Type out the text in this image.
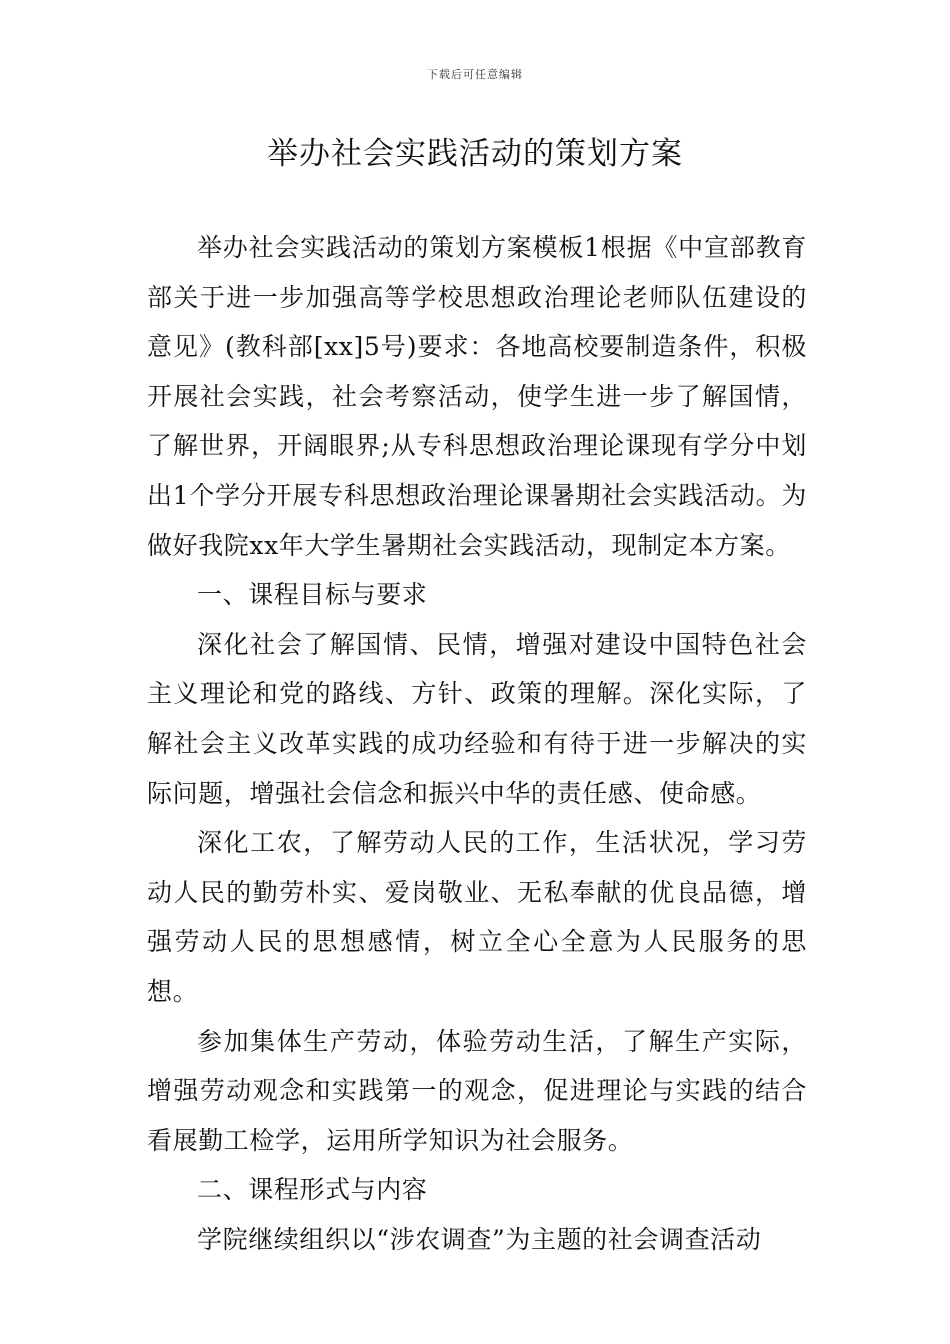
下载后可任意编辑
举办社会实践活动的策划方案

举办社会实践活动的策划方案模板1根据《中宣部教育部关于进一步加强高等学校思想政治理论老师队伍建设的意见》(教科部[xx]5号)要求：各地高校要制造条件，积极开展社会实践，社会考察活动，使学生进一步了解国情，了解世界，开阔眼界;从专科思想政治理论课现有学分中划出1个学分开展专科思想政治理论课暑期社会实践活动。为做好我院xx年大学生暑期社会实践活动，现制定本方案。

一、课程目标与要求

深化社会了解国情、民情，增强对建设中国特色社会主义理论和党的路线、方针、政策的理解。深化实际，了解社会主义改革实践的成功经验和有待于进一步解决的实际问题，增强社会信念和振兴中华的责任感、使命感。

深化工农，了解劳动人民的工作，生活状况，学习劳动人民的勤劳朴实、爱岗敬业、无私奉献的优良品德，增强劳动人民的思想感情，树立全心全意为人民服务的思想。

参加集体生产劳动，体验劳动生活，了解生产实际，增强劳动观念和实践第一的观念，促进理论与实践的结合看展勤工检学，运用所学知识为社会服务。

二、课程形式与内容

学院继续组织以“涉农调查”为主题的社会调查活动
